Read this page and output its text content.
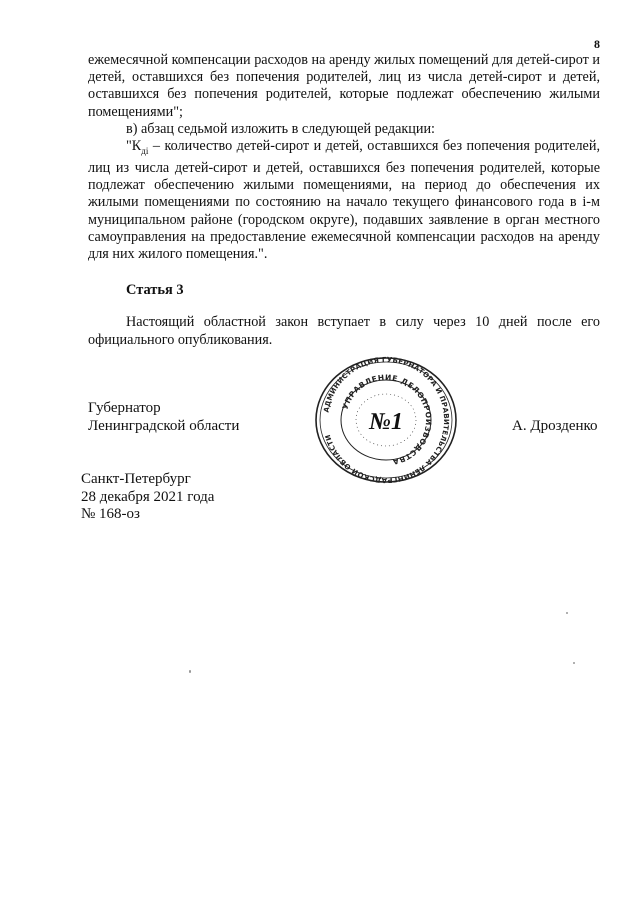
8

ежемесячной компенсации расходов на аренду жилых помещений для детей-сирот и детей, оставшихся без попечения родителей, лиц из числа детей-сирот и детей, оставшихся без попечения родителей, которые подлежат обеспечению жилыми помещениями";

в) абзац седьмой изложить в следующей редакции:

"$К_{дi}$ – количество детей-сирот и детей, оставшихся без попечения родителей, лиц из числа детей-сирот и детей, оставшихся без попечения родителей, которые подлежат обеспечению жилыми помещениями, на период до обеспечения их жилыми помещениями по состоянию на начало текущего финансового года в i-м муниципальном районе (городском округе), подавших заявление в орган местного самоуправления на предоставление ежемесячной компенсации расходов на аренду для них жилого помещения.".

Статья 3

Настоящий областной закон вступает в силу через 10 дней после его официального опубликования.

Губернатор
Ленинградской области	А. Дрозденко
АДМИНИСТРАЦИЯ ГУБЕРНАТОРА И ПРАВИТЕЛЬСТВА ЛЕНИНГРАДСКОЙ ОБЛАСТИ
УПРАВЛЕНИЕ ДЕЛОПРОИЗВОДСТВА
№1
Санкт-Петербург
28 декабря 2021 года
№ 168-оз
